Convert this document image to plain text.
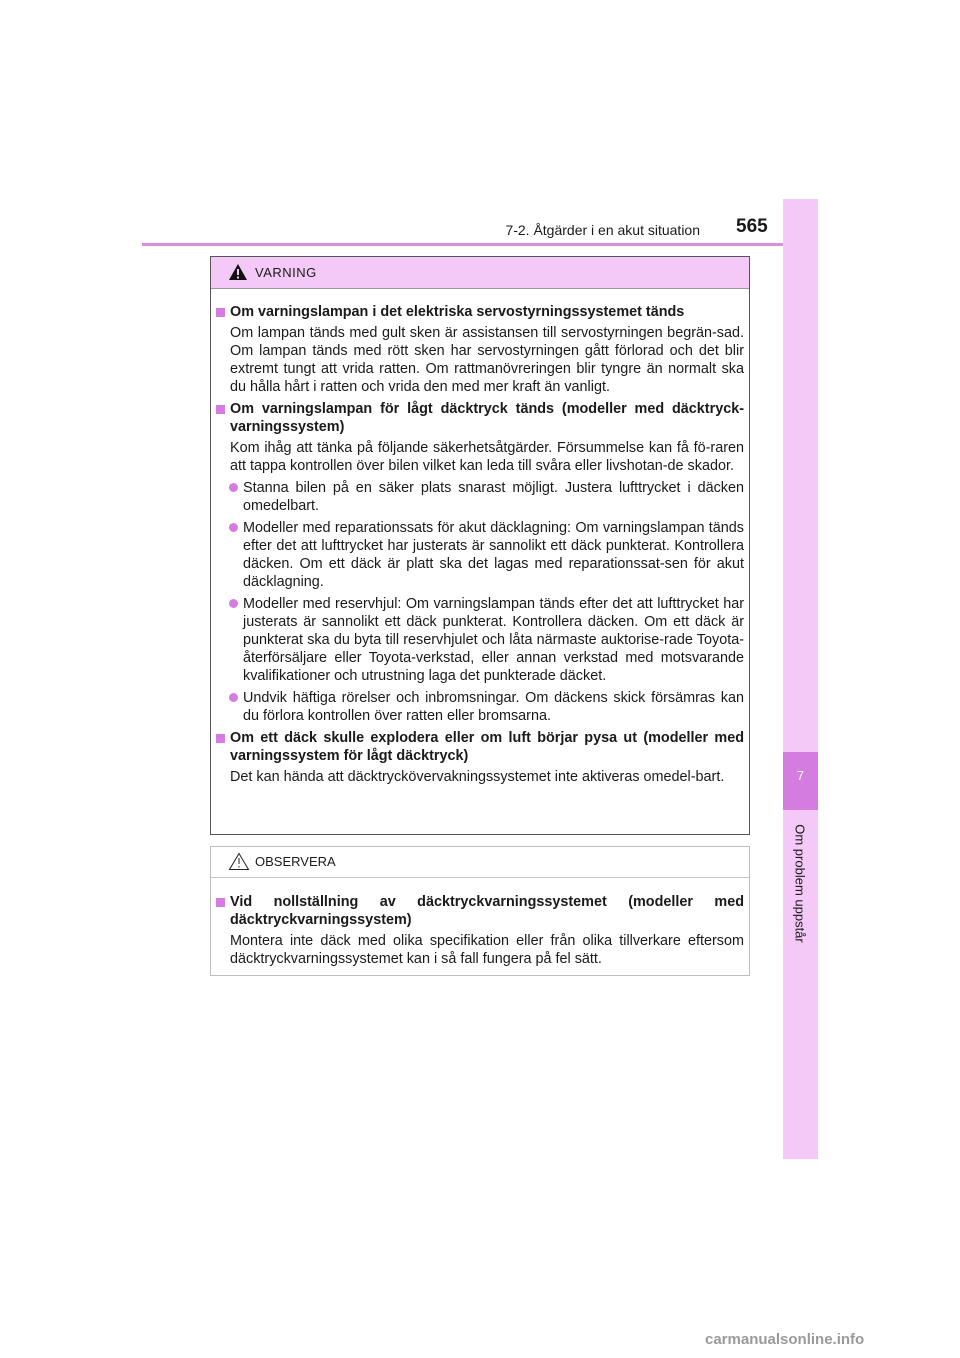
7-2. Åtgärder i en akut situation 565
7
Om problem uppstår
VARNING
Om varningslampan i det elektriska servostyrningssystemet tänds
Om lampan tänds med gult sken är assistansen till servostyrningen begrän-sad. Om lampan tänds med rött sken har servostyrningen gått förlorad och det blir extremt tungt att vrida ratten. Om rattmanövreringen blir tyngre än normalt ska du hålla hårt i ratten och vrida den med mer kraft än vanligt.
Om varningslampan för lågt däcktryck tänds (modeller med däcktryck-varningssystem)
Kom ihåg att tänka på följande säkerhetsåtgärder. Försummelse kan få fö-raren att tappa kontrollen över bilen vilket kan leda till svåra eller livshotan-de skador.
Stanna bilen på en säker plats snarast möjligt. Justera lufttrycket i däcken omedelbart.
Modeller med reparationssats för akut däcklagning: Om varningslampan tänds efter det att lufttrycket har justerats är sannolikt ett däck punkterat. Kontrollera däcken. Om ett däck är platt ska det lagas med reparationssat-sen för akut däcklagning.
Modeller med reservhjul: Om varningslampan tänds efter det att lufttrycket har justerats är sannolikt ett däck punkterat. Kontrollera däcken. Om ett däck är punkterat ska du byta till reservhjulet och låta närmaste auktorise-rade Toyota-återförsäljare eller Toyota-verkstad, eller annan verkstad med motsvarande kvalifikationer och utrustning laga det punkterade däcket.
Undvik häftiga rörelser och inbromsningar. Om däckens skick försämras kan du förlora kontrollen över ratten eller bromsarna.
Om ett däck skulle explodera eller om luft börjar pysa ut (modeller med varningssystem för lågt däcktryck)
Det kan hända att däcktryckövervakningssystemet inte aktiveras omedel-bart.
OBSERVERA
Vid nollställning av däcktryckvarningssystemet (modeller med
däcktryckvarningssystem)
Montera inte däck med olika specifikation eller från olika tillverkare eftersom däcktryckvarningssystemet kan i så fall fungera på fel sätt.
carmanualsonline.info
